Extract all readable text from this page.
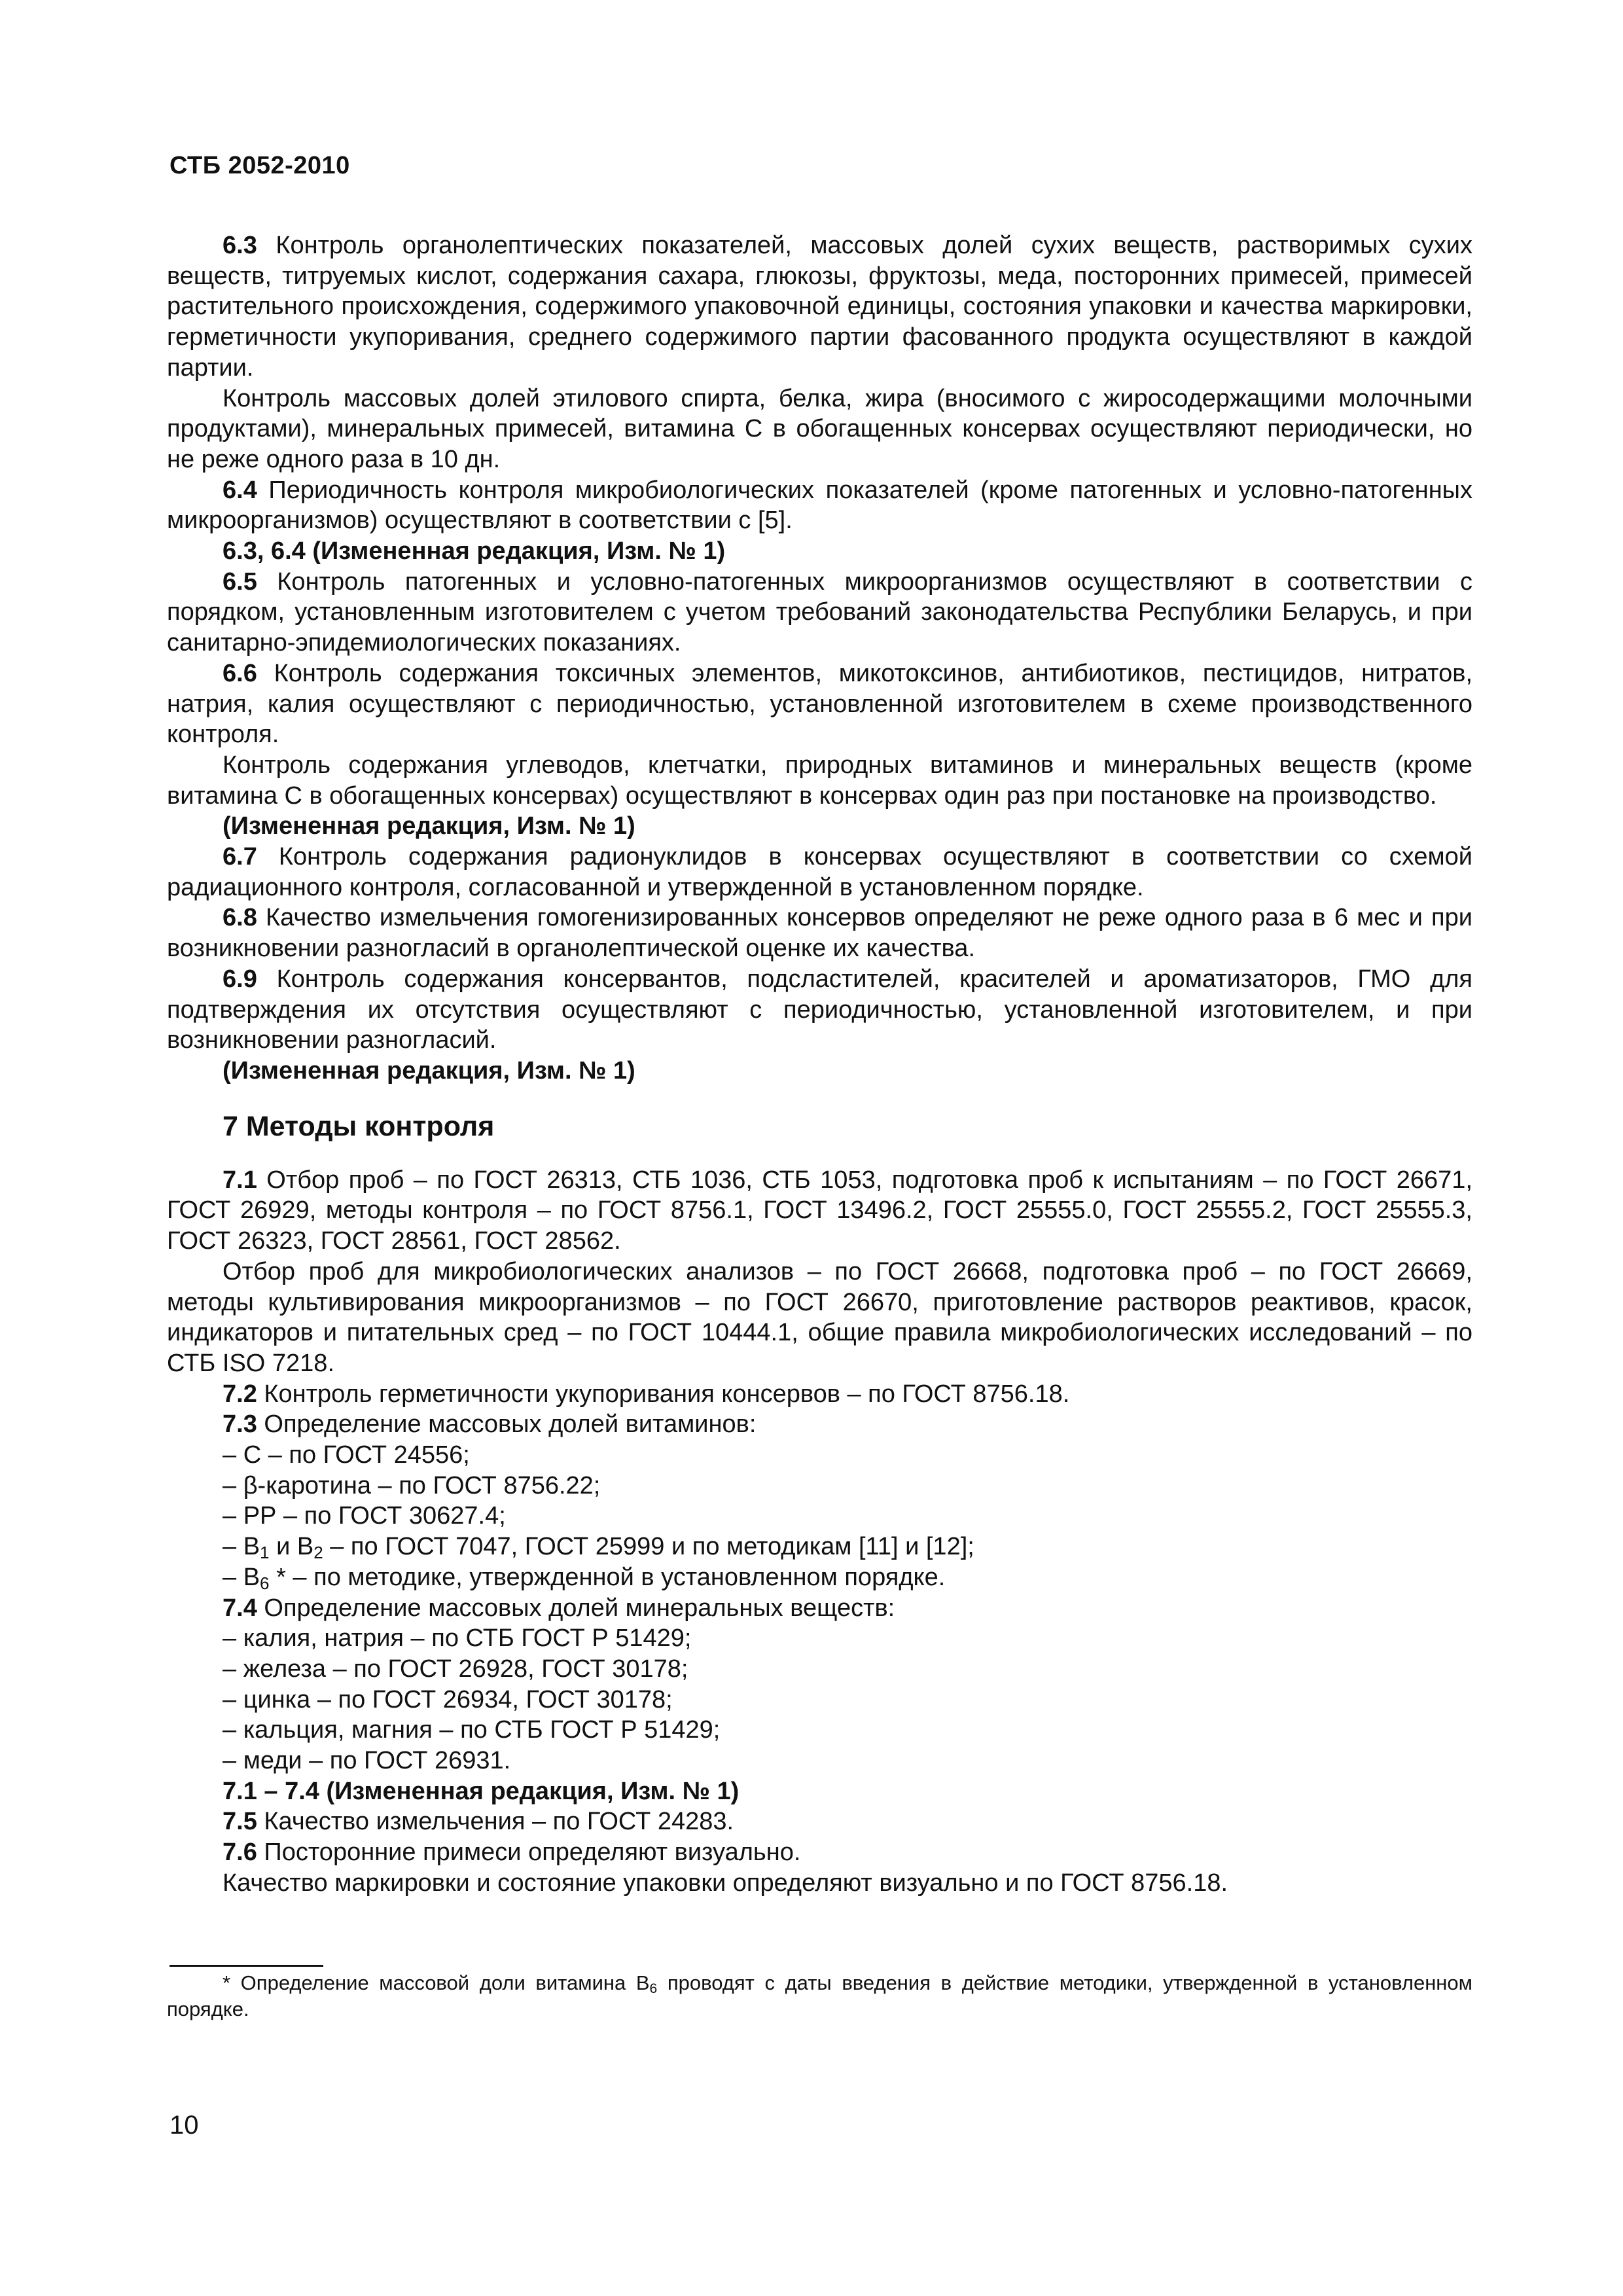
СТБ 2052-2010

6.3 Контроль органолептических показателей, массовых долей сухих веществ, растворимых сухих веществ, титруемых кислот, содержания сахара, глюкозы, фруктозы, меда, посторонних примесей, примесей растительного происхождения, содержимого упаковочной единицы, состояния упаковки и качества маркировки, герметичности укупоривания, среднего содержимого партии фасованного продукта осуществляют в каждой партии.

Контроль массовых долей этилового спирта, белка, жира (вносимого с жиросодержащими молочными продуктами), минеральных примесей, витамина С в обогащенных консервах осуществляют периодически, но не реже одного раза в 10 дн.

6.4 Периодичность контроля микробиологических показателей (кроме патогенных и условно-патогенных микроорганизмов) осуществляют в соответствии с [5].

6.3, 6.4 (Измененная редакция, Изм. № 1)

6.5 Контроль патогенных и условно-патогенных микроорганизмов осуществляют в соответствии с порядком, установленным изготовителем с учетом требований законодательства Республики Беларусь, и при санитарно-эпидемиологических показаниях.

6.6 Контроль содержания токсичных элементов, микотоксинов, антибиотиков, пестицидов, нитратов, натрия, калия осуществляют с периодичностью, установленной изготовителем в схеме производственного контроля.

Контроль содержания углеводов, клетчатки, природных витаминов и минеральных веществ (кроме витамина С в обогащенных консервах) осуществляют в консервах один раз при постановке на производство.

(Измененная редакция, Изм. № 1)

6.7 Контроль содержания радионуклидов в консервах осуществляют в соответствии со схемой радиационного контроля, согласованной и утвержденной в установленном порядке.

6.8 Качество измельчения гомогенизированных консервов определяют не реже одного раза в 6 мес и при возникновении разногласий в органолептической оценке их качества.

6.9 Контроль содержания консервантов, подсластителей, красителей и ароматизаторов, ГМО для подтверждения их отсутствия осуществляют с периодичностью, установленной изготовителем, и при возникновении разногласий.

(Измененная редакция, Изм. № 1)

7 Методы контроля

7.1 Отбор проб – по ГОСТ 26313, СТБ 1036, СТБ 1053, подготовка проб к испытаниям – по ГОСТ 26671, ГОСТ 26929, методы контроля – по ГОСТ 8756.1, ГОСТ 13496.2, ГОСТ 25555.0, ГОСТ 25555.2, ГОСТ 25555.3, ГОСТ 26323, ГОСТ 28561, ГОСТ 28562.

Отбор проб для микробиологических анализов – по ГОСТ 26668, подготовка проб – по ГОСТ 26669, методы культивирования микроорганизмов – по ГОСТ 26670, приготовление растворов реактивов, красок, индикаторов и питательных сред – по ГОСТ 10444.1, общие правила микробиологических исследований – по СТБ ISO 7218.

7.2 Контроль герметичности укупоривания консервов – по ГОСТ 8756.18.

7.3 Определение массовых долей витаминов:

– С – по ГОСТ 24556;

– β-каротина – по ГОСТ 8756.22;

– РР – по ГОСТ 30627.4;

– $В_1$ и $В_2$ – по ГОСТ 7047, ГОСТ 25999 и по методикам [11] и [12];

– $В_6$ * – по методике, утвержденной в установленном порядке.

7.4 Определение массовых долей минеральных веществ:

– калия, натрия – по СТБ ГОСТ Р 51429;

– железа – по ГОСТ 26928, ГОСТ 30178;

– цинка – по ГОСТ 26934, ГОСТ 30178;

– кальция, магния – по СТБ ГОСТ Р 51429;

– меди – по ГОСТ 26931.

7.1 – 7.4 (Измененная редакция, Изм. № 1)

7.5 Качество измельчения – по ГОСТ 24283.

7.6 Посторонние примеси определяют визуально.

Качество маркировки и состояние упаковки определяют визуально и по ГОСТ 8756.18.

* Определение массовой доли витамина $В_6$ проводят с даты введения в действие методики, утвержденной в установленном порядке.
10
